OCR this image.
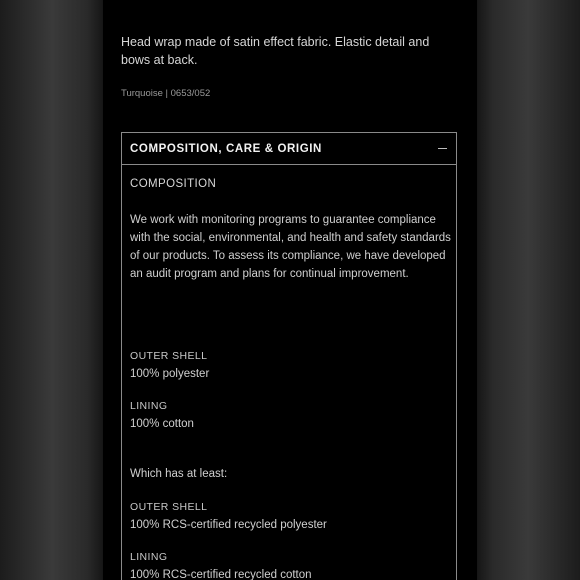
Head wrap made of satin effect fabric. Elastic detail and bows at back.
Turquoise | 0653/052
COMPOSITION, CARE & ORIGIN
COMPOSITION
We work with monitoring programs to guarantee compliance with the social, environmental, and health and safety standards of our products. To assess its compliance, we have developed an audit program and plans for continual improvement.
OUTER SHELL
100% polyester
LINING
100% cotton
Which has at least:
OUTER SHELL
100% RCS-certified recycled polyester
LINING
100% RCS-certified recycled cotton
